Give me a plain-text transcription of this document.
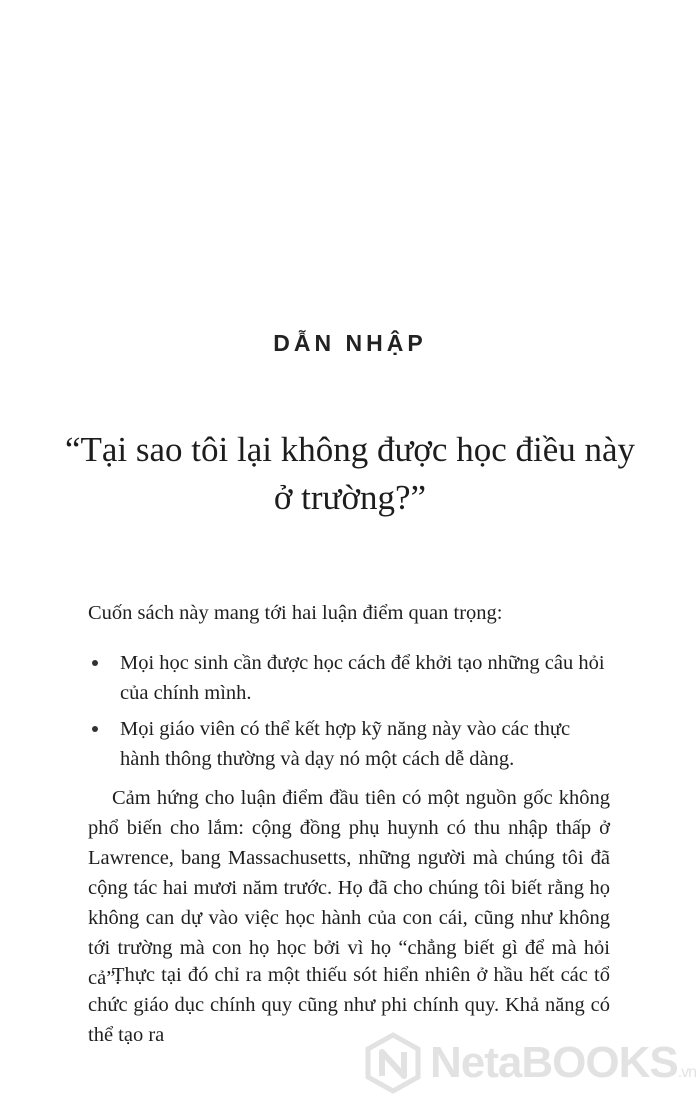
DẪN NHẬP
“Tại sao tôi lại không được học điều này
ở trường?”
Cuốn sách này mang tới hai luận điểm quan trọng:
Mọi học sinh cần được học cách để khởi tạo những câu hỏi của chính mình.
Mọi giáo viên có thể kết hợp kỹ năng này vào các thực hành thông thường và dạy nó một cách dễ dàng.

Cảm hứng cho luận điểm đầu tiên có một nguồn gốc không phổ biến cho lắm: cộng đồng phụ huynh có thu nhập thấp ở Lawrence, bang Massachusetts, những người mà chúng tôi đã cộng tác hai mươi năm trước. Họ đã cho chúng tôi biết rằng họ không can dự vào việc học hành của con cái, cũng như không tới trường mà con họ học bởi vì họ “chẳng biết gì để mà hỏi cả”.

Thực tại đó chỉ ra một thiếu sót hiển nhiên ở hầu hết các tổ chức giáo dục chính quy cũng như phi chính quy. Khả năng có thể tạo ra

NetaBOOKS.vn
